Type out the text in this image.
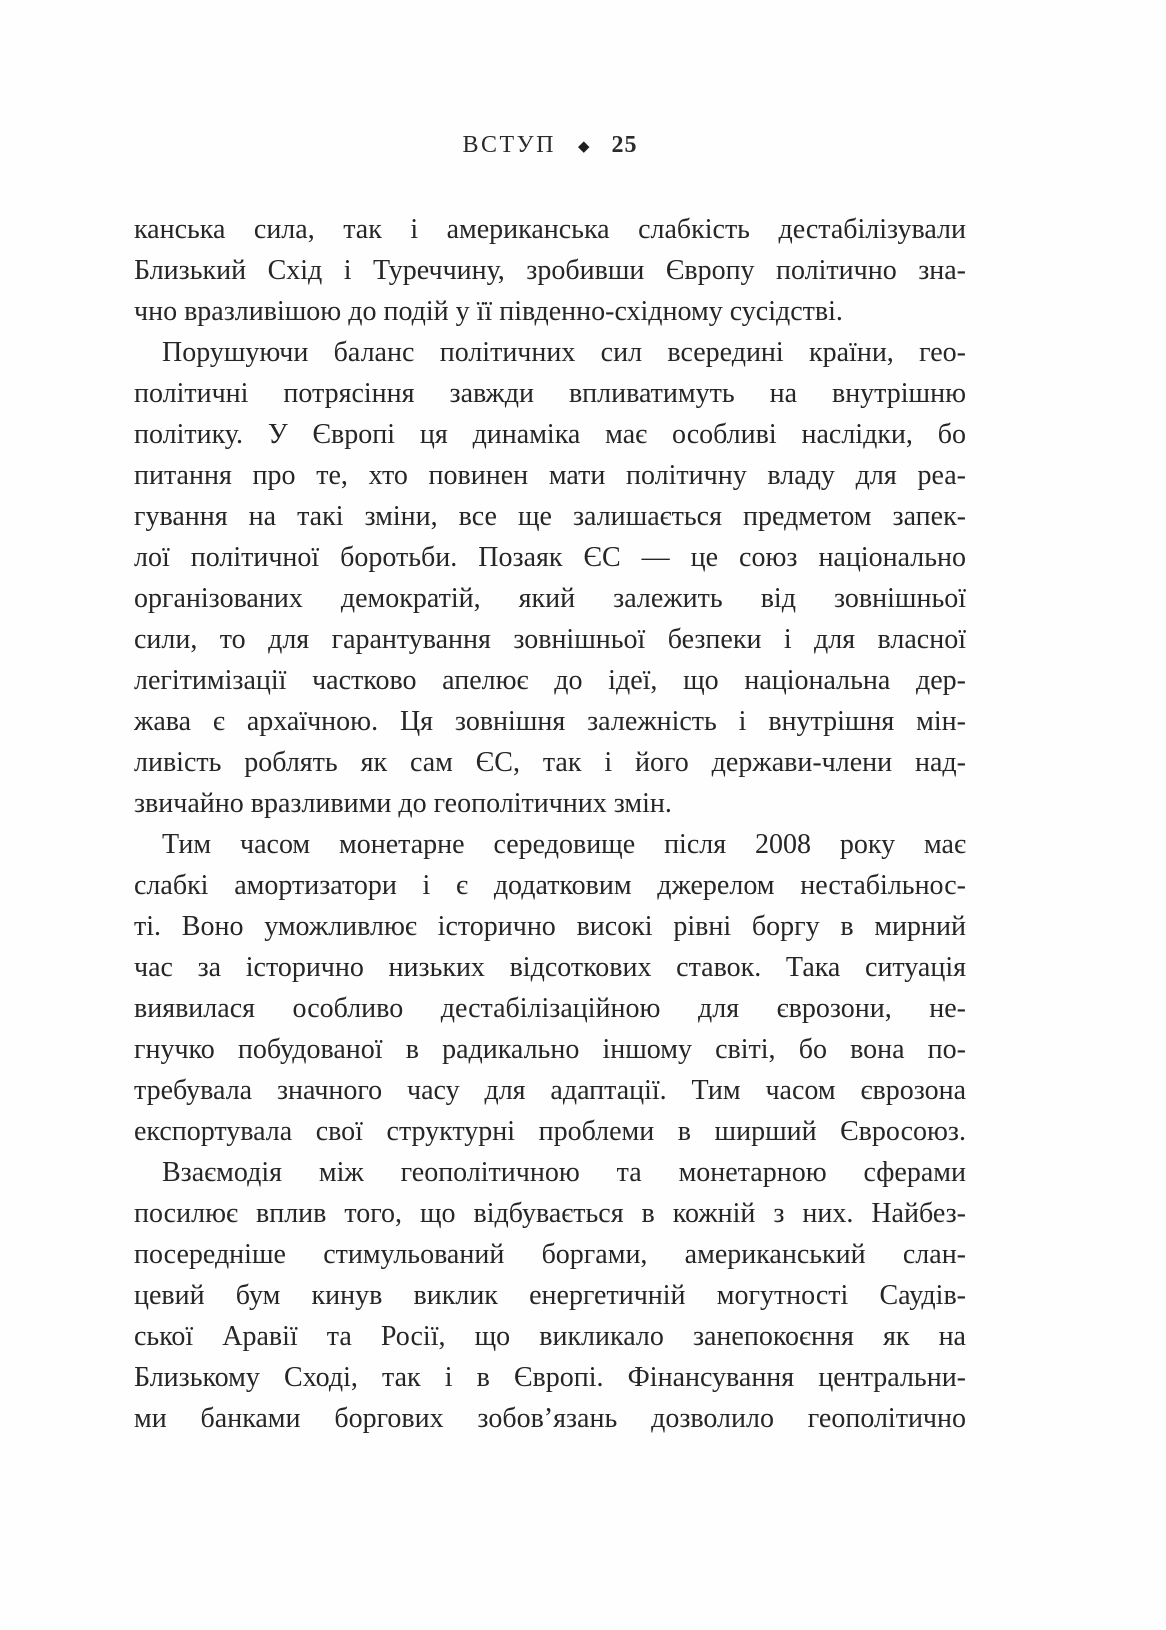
ВСТУП ◆ 25
канська сила, так і американська слабкість дестабілізували
Близький Схід і Туреччину, зробивши Європу політично зна-
чно вразливішою до подій у її південно-східному сусідстві.
Порушуючи баланс політичних сил всередині країни, гео-
політичні потрясіння завжди впливатимуть на внутрішню
політику. У Європі ця динаміка має особливі наслідки, бо
питання про те, хто повинен мати політичну владу для реа-
гування на такі зміни, все ще залишається предметом запек-
лої політичної боротьби. Позаяк ЄС — це союз національно
організованих демократій, який залежить від зовнішньої
сили, то для гарантування зовнішньої безпеки і для власної
легітимізації частково апелює до ідеї, що національна дер-
жава є архаїчною. Ця зовнішня залежність і внутрішня мін-
ливість роблять як сам ЄС, так і його держави-члени над-
звичайно вразливими до геополітичних змін.
Тим часом монетарне середовище після 2008 року має
слабкі амортизатори і є додатковим джерелом нестабільнос-
ті. Воно уможливлює історично високі рівні боргу в мирний
час за історично низьких відсоткових ставок. Така ситуація
виявилася особливо дестабілізаційною для єврозони, не-
гнучко побудованої в радикально іншому світі, бо вона по-
требувала значного часу для адаптації. Тим часом єврозона
експортувала свої структурні проблеми в ширший Євросоюз.
Взаємодія між геополітичною та монетарною сферами
посилює вплив того, що відбувається в кожній з них. Найбез-
посередніше стимульований боргами, американський слан-
цевий бум кинув виклик енергетичній могутності Саудів-
ської Аравії та Росії, що викликало занепокоєння як на
Близькому Сході, так і в Європі. Фінансування центральни-
ми банками боргових зобов’язань дозволило геополітично
